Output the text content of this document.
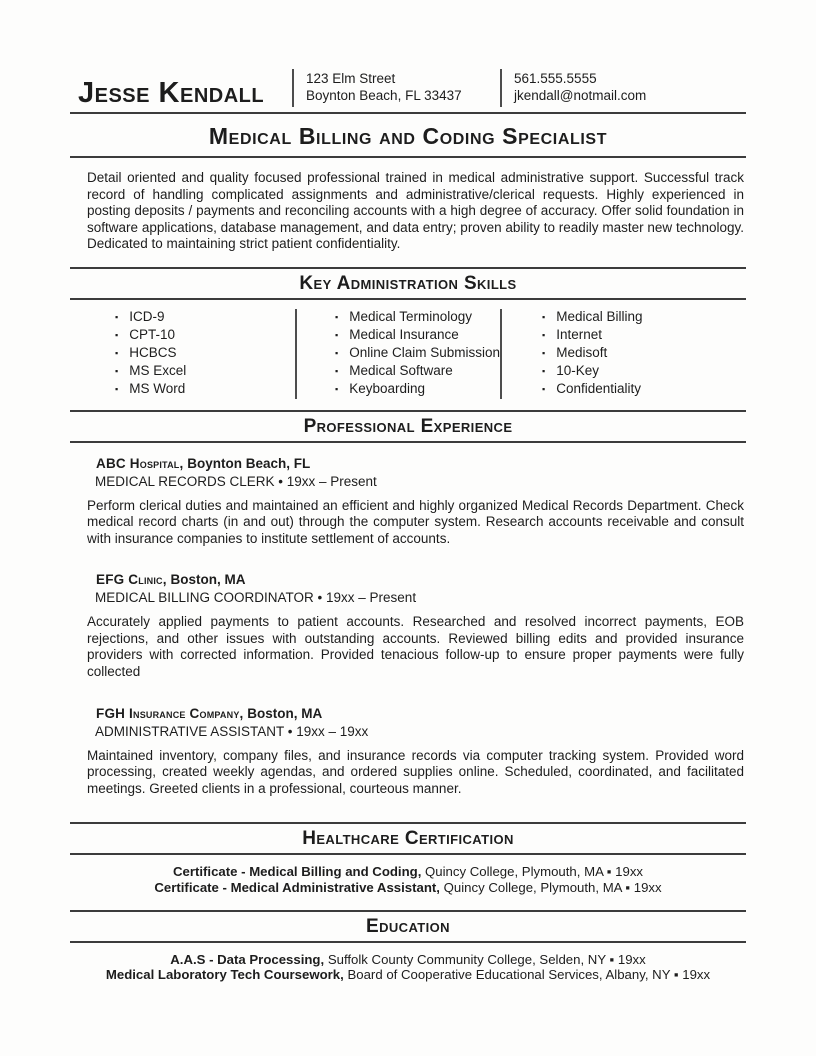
Jesse Kendall	123 Elm Street
Boynton Beach, FL 33437
561.555.5555
jkendall@notmail.com
Medical Billing and Coding Specialist

Detail oriented and quality focused professional trained in medical administrative support. Successful track record of handling complicated assignments and administrative/clerical requests. Highly experienced in posting deposits / payments and reconciling accounts with a high degree of accuracy. Offer solid foundation in software applications, database management, and data entry; proven ability to readily master new technology. Dedicated to maintaining strict patient confidentiality.

Key Administration Skills
▪ ICD-9
▪ CPT-10
▪ HCBCS
▪ MS Excel
▪ MS Word
▪ Medical Terminology
▪ Medical Insurance
▪ Online Claim Submission
▪ Medical Software
▪ Keyboarding
▪ Medical Billing
▪ Internet
▪ Medisoft
▪ 10-Key
▪ Confidentiality
Professional Experience
ABC Hospital, Boynton Beach, FL
MEDICAL RECORDS CLERK • 19xx – Present

Perform clerical duties and maintained an efficient and highly organized Medical Records Department. Check medical record charts (in and out) through the computer system. Research accounts receivable and consult with insurance companies to institute settlement of accounts.

EFG Clinic, Boston, MA
MEDICAL BILLING COORDINATOR • 19xx – Present

Accurately applied payments to patient accounts. Researched and resolved incorrect payments, EOB rejections, and other issues with outstanding accounts. Reviewed billing edits and provided insurance providers with corrected information. Provided tenacious follow-up to ensure proper payments were fully collected

FGH Insurance Company, Boston, MA
ADMINISTRATIVE ASSISTANT • 19xx – 19xx

Maintained inventory, company files, and insurance records via computer tracking system. Provided word processing, created weekly agendas, and ordered supplies online. Scheduled, coordinated, and facilitated meetings. Greeted clients in a professional, courteous manner.

Healthcare Certification
Certificate - Medical Billing and Coding, Quincy College, Plymouth, MA ▪ 19xx
Certificate - Medical Administrative Assistant, Quincy College, Plymouth, MA ▪ 19xx
Education
A.A.S - Data Processing, Suffolk County Community College, Selden, NY ▪ 19xx
Medical Laboratory Tech Coursework, Board of Cooperative Educational Services, Albany, NY ▪ 19xx
